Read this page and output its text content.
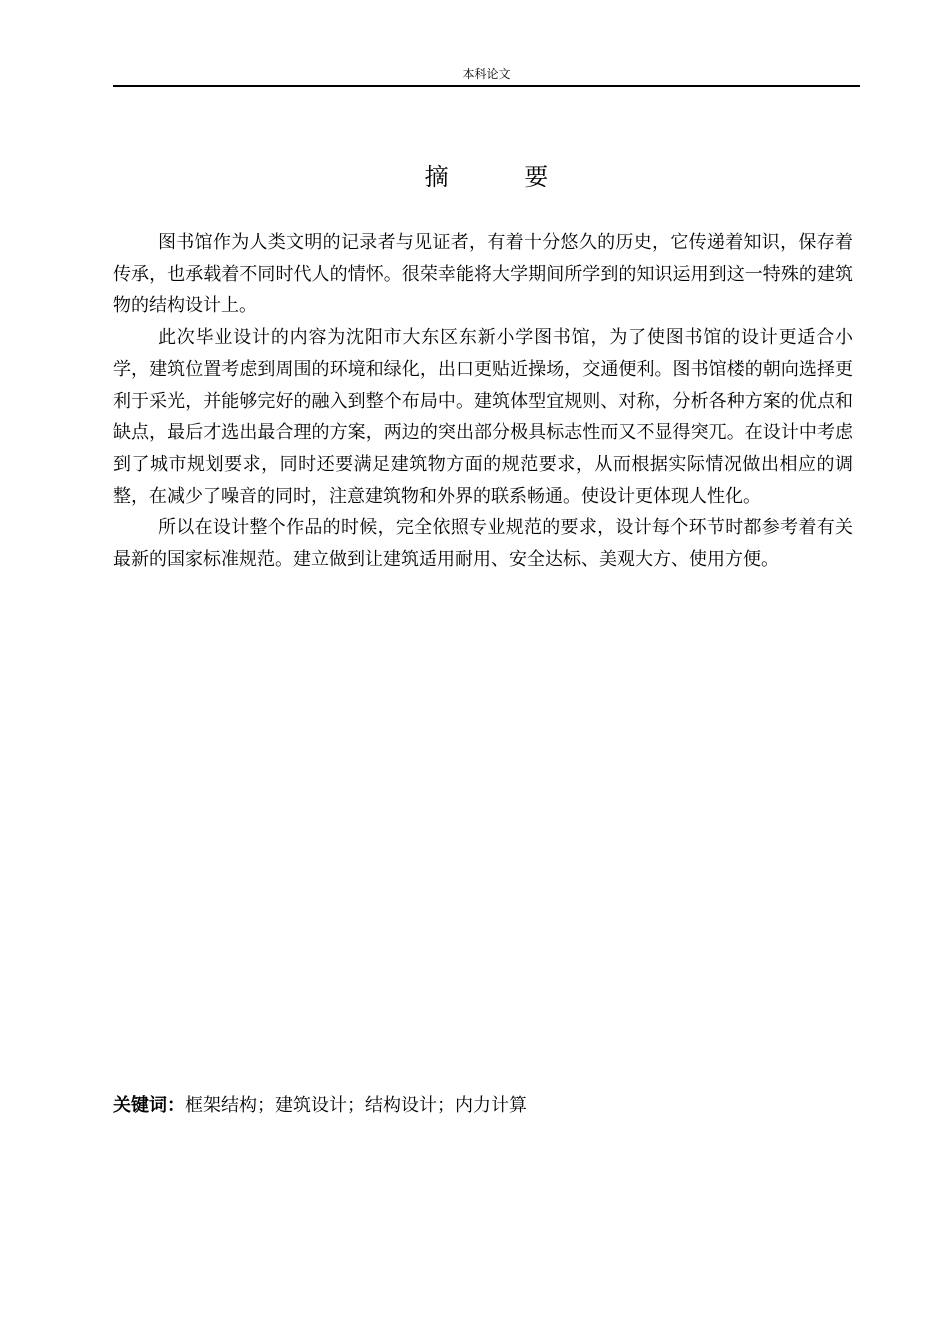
本科论文
摘 要

图书馆作为人类文明的记录者与见证者，有着十分悠久的历史，它传递着知识，保存着传承，也承载着不同时代人的情怀。很荣幸能将大学期间所学到的知识运用到这一特殊的建筑物的结构设计上。

此次毕业设计的内容为沈阳市大东区东新小学图书馆，为了使图书馆的设计更适合小学，建筑位置考虑到周围的环境和绿化，出口更贴近操场，交通便利。图书馆楼的朝向选择更利于采光，并能够完好的融入到整个布局中。建筑体型宜规则、对称，分析各种方案的优点和缺点，最后才选出最合理的方案，两边的突出部分极具标志性而又不显得突兀。在设计中考虑到了城市规划要求，同时还要满足建筑物方面的规范要求，从而根据实际情况做出相应的调整，在减少了噪音的同时，注意建筑物和外界的联系畅通。使设计更体现人性化。

所以在设计整个作品的时候，完全依照专业规范的要求，设计每个环节时都参考着有关最新的国家标准规范。建立做到让建筑适用耐用、安全达标、美观大方、使用方便。

关键词：框架结构；建筑设计；结构设计；内力计算
